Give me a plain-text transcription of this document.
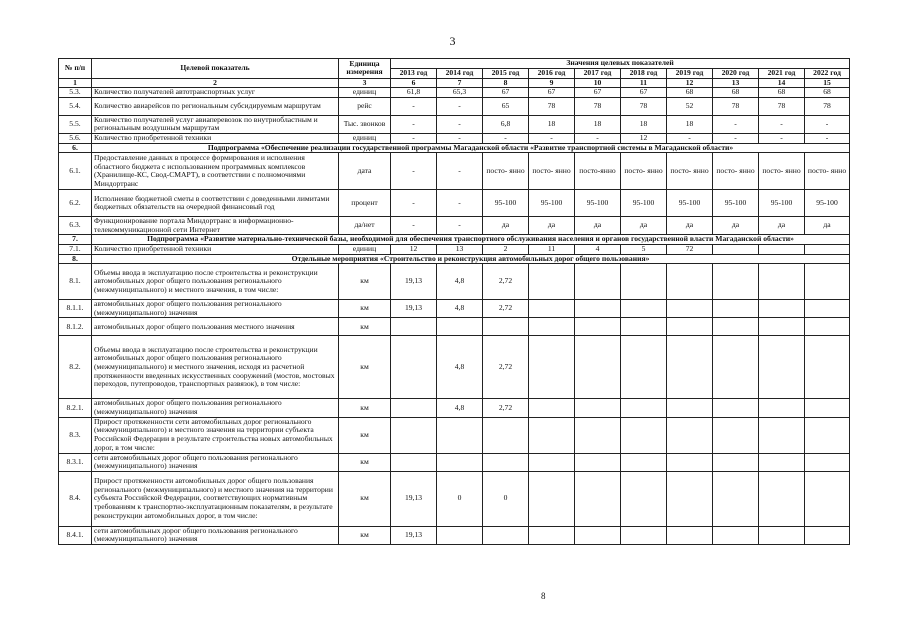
3
№ п/п	Целевой показатель	Единица измерения	Значения целевых показателей									
			2013 год	2014 год	2015 год	2016 год	2017 год	2018 год	2019 год	2020 год	2021 год	2022 год
1	2	3	6	7	8	9	10	11	12	13	14	15
5.3.	Количество получателей автотранспортных услуг	единиц	61,8	65,3	67	67	67	67	68	68	68	68
5.4.	Количество авиарейсов по региональным субсидируемым маршрутам	рейс	-	-	65	78	78	78	52	78	78	78
5.5.	Количество получателей услуг авиаперевозок по внутриобластным и региональным воздушным маршрутам	Тыс. звонков	-	-	6,8	18	18	18	18	-	-	-
5.6.	Количество приобретенной техники	единиц	-	-	-	-	-	12	-	-	-	-
6.	Подпрограмма «Обеспечение реализации государственной программы Магаданской области «Развитие транспортной системы в Магаданской области»											
6.1.	Предоставление данных в процессе формирования и исполнения областного бюджета с использованием программных комплексов (Хранилище-КС, Свод-СМАРТ), в соответствии с полномочиями Миндортранс	дата	-	-	посто- янно	посто- янно	посто-янно	посто- янно	посто- янно	посто- янно	посто- янно	посто- янно
6.2.	Исполнение бюджетной сметы в соответствии с доведенными лимитами бюджетных обязательств на очередной финансовый год	процент	-	-	95-100	95-100	95-100	95-100	95-100	95-100	95-100	95-100
6.3.	Функционирование портала Миндортранс в информационно-телекоммуникационной сети Интернет	да/нет	-	-	да	да	да	да	да	да	да	да
7.	Подпрограмма «Развитие материально-технической базы, необходимой для обеспечения транспортного обслуживания населения и органов государственной власти Магаданской области»											
7.1.	Количество приобретенной техники	единиц	12	13	2	11	4	5	72			
8.	Отдельные мероприятия «Строительство и реконструкция автомобильных дорог общего пользования»											
8.1.	Объемы ввода в эксплуатацию после строительства и реконструкции автомобильных дорог общего пользования регионального (межмуниципального) и местного значения, в том числе:	км	19,13	4,8	2,72							
8.1.1.	автомобильных дорог общего пользования регионального (межмуниципального) значения	км	19,13	4,8	2,72							
8.1.2.	автомобильных дорог общего пользования местного значения	км										
8.2.	Объемы ввода в эксплуатацию после строительства и реконструкции автомобильных дорог общего пользования регионального (межмуниципального) и местного значения, исходя из расчетной протяженности введенных искусственных сооружений (мостов, мостовых переходов, путепроводов, транспортных развязок), в том числе:	км		4,8	2,72							
8.2.1.	автомобильных дорог общего пользования регионального (межмуниципального) значения	км		4,8	2,72							
8.3.	Прирост протяженности сети автомобильных дорог регионального (межмуниципального) и местного значения на территории субъекта Российской Федерации в результате строительства новых автомобильных дорог, в том числе:	км										
8.3.1.	сети автомобильных дорог общего пользования регионального (межмуниципального) значения	км										
8.4.	Прирост протяженности автомобильных дорог общего пользования регионального (межмуниципального) и местного значения на территории субъекта Российской Федерации, соответствующих нормативным требованиям к транспортно-эксплуатационным показателям, в результате реконструкции автомобильных дорог, в том числе:	км	19,13	0	0							
8.4.1.	сети автомобильных дорог общего пользования регионального (межмуниципального) значения	км	19,13									
8
